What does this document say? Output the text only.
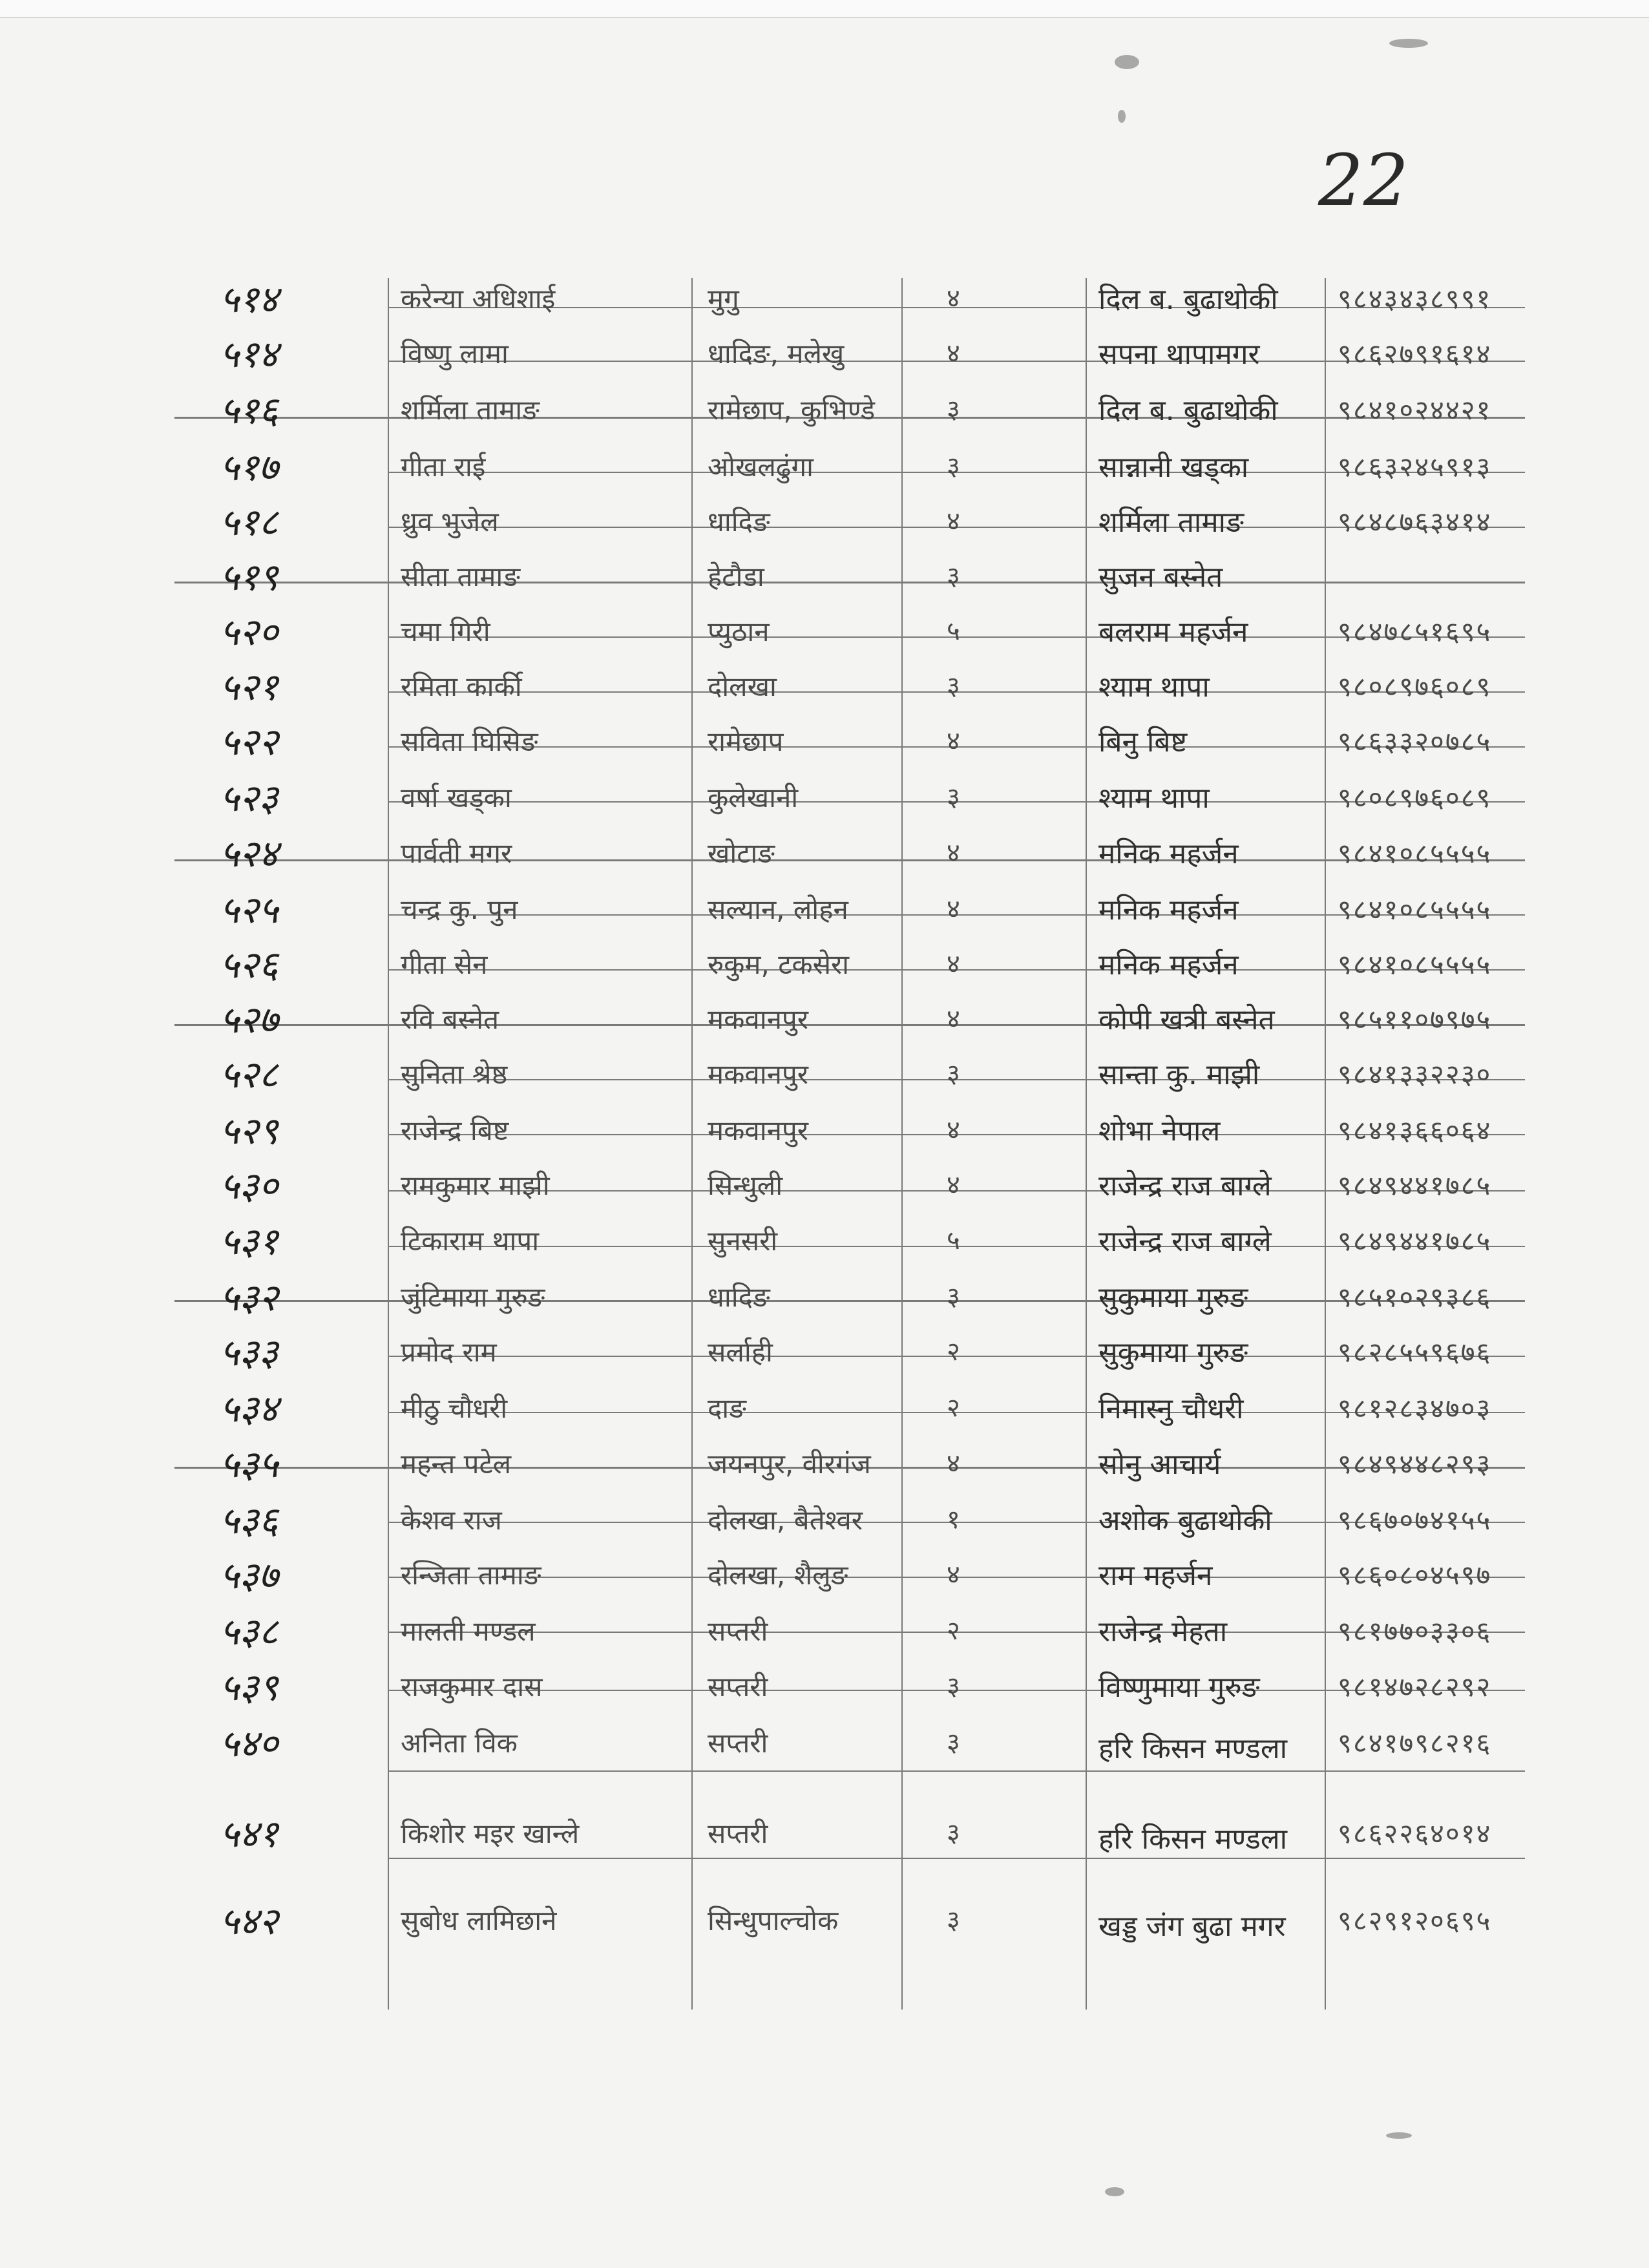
22
५१४	करेन्या अधिशाई	मुगु	४	दिल ब. बुढाथोकी ९८४३४३८९९१
५१४	विष्णु लामा	धादिङ, मलेखु	४	सपना थापामगर	९८६२७९१६१४
५१६	शर्मिला तामाङ	रामेछाप, कुभिण्डे	३	दिल ब. बुढाथोकी ९८४१०२४४२१
५१७	गीता राई	ओखलढुंगा	३	सान्नानी खड्का	९८६३२४५९१३
५१८	ध्रुव भुजेल	धादिङ	४	शर्मिला तामाङ	९८४८७६३४१४
५१९	सीता तामाङ	हेटौडा	३	सुजन बस्नेत
५२०	चमा गिरी	प्युठान	५	बलराम महर्जन	९८४७८५१६९५
५२१	रमिता कार्की	दोलखा	३	श्याम थापा	९८०८९७६०८९
५२२	सविता घिसिङ	रामेछाप	४	बिनु बिष्ट	९८६३३२०७८५
५२३	वर्षा खड्का	कुलेखानी	३	श्याम थापा	९८०८९७६०८९
५२४	पार्वती मगर	खोटाङ	४	मनिक महर्जन	९८४१०८५५५५
५२५	चन्द्र कु. पुन	सल्यान, लोहन	४	मनिक महर्जन	९८४१०८५५५५
५२६	गीता सेन	रुकुम, टकसेरा	४	मनिक महर्जन	९८४१०८५५५५
५२७	रवि बस्नेत	मकवानपुर	४	कोपी खत्री बस्नेत ९८५११०७९७५
५२८	सुनिता श्रेष्ठ	मकवानपुर	३	सान्ता कु. माझी	९८४१३३२२३०
५२९	राजेन्द्र बिष्ट	मकवानपुर	४	शोभा नेपाल	९८४१३६६०६४
५३०	रामकुमार माझी	सिन्धुली	४	राजेन्द्र राज बाग्ले ९८४९४४१७८५
५३१	टिकाराम थापा	सुनसरी	५	राजेन्द्र राज बाग्ले ९८४९४४१७८५
५३२	जुंटिमाया गुरुङ	धादिङ	३	सुकुमाया गुरुङ	९८५१०२९३८६
५३३	प्रमोद राम	सर्लाही	२	सुकुमाया गुरुङ	९८२८५५९६७६
५३४	मीठु चौधरी	दाङ	२	निमास्नु चौधरी	९८१२८३४७०३
५३५	महन्त पटेल	जयनपुर, वीरगंज	४	सोनु आचार्य	९८४९४४८२९३
५३६	केशव राज	दोलखा, बैतेश्वर	१	अशोक बुढाथोकी ९८६७०७४१५५
५३७	रन्जिता तामाङ	दोलखा, शैलुङ	४	राम महर्जन	९८६०८०४५९७
५३८	मालती मण्डल	सप्तरी	२	राजेन्द्र मेहता	९८१७७०३३०६
५३९	राजकुमार दास	सप्तरी	३	विष्णुमाया गुरुङ	९८१४७२८२९२
५४०	अनिता विक	सप्तरी	३	हरि किसन मण्डला	९८४१७९८२१६
५४१	किशोर मइर खान्ले	सप्तरी	३	हरि किसन मण्डला	९८६२२६४०१४
५४२	सुबोध लामिछाने	सिन्धुपाल्चोक	३	खड्ड जंग बुढा मगर	९८२९१२०६९५
